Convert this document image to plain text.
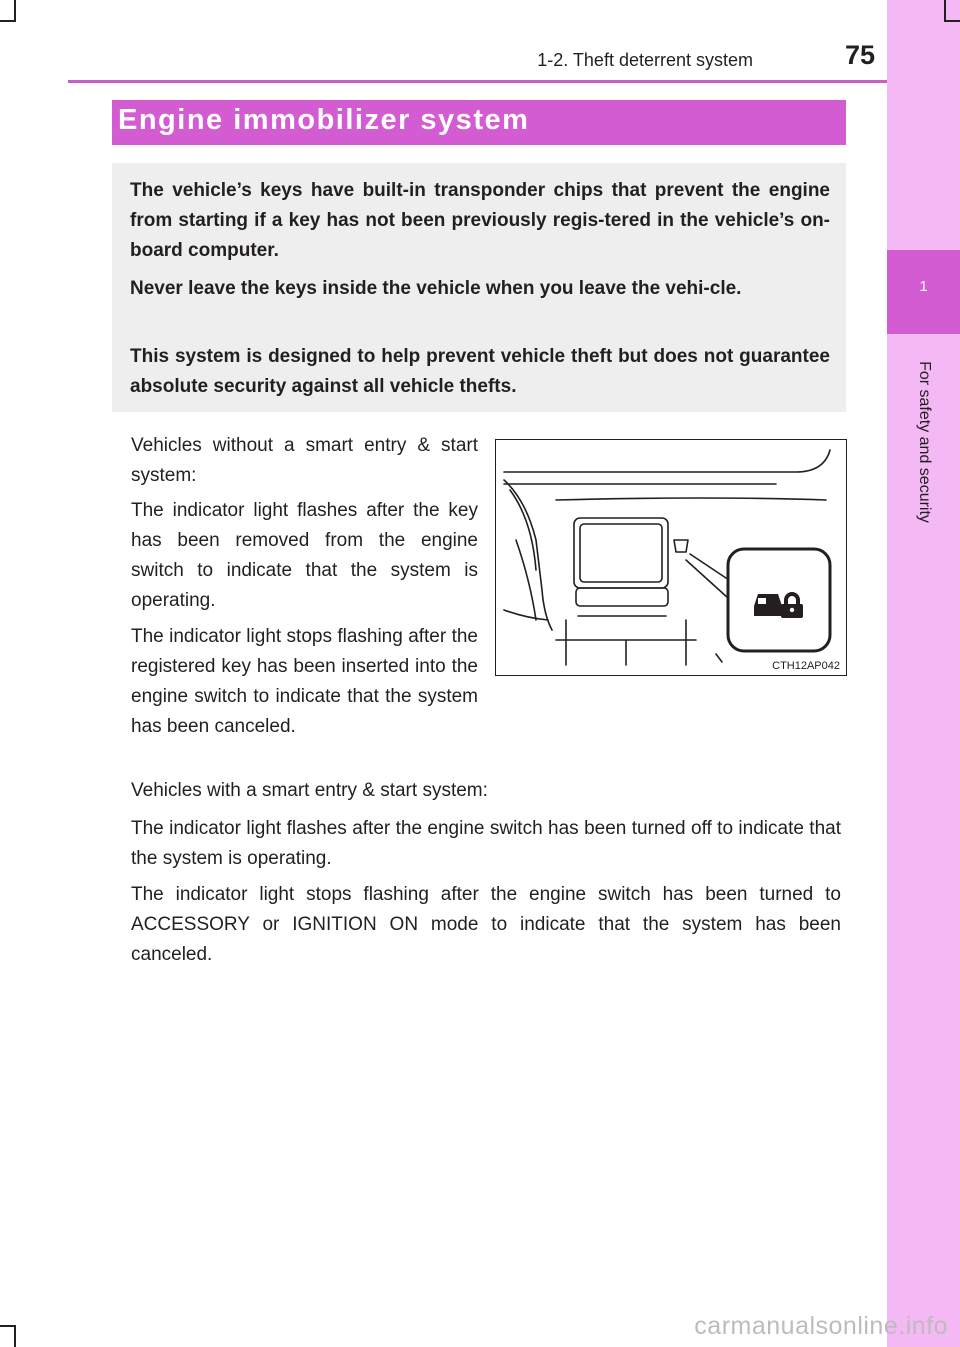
1
For safety and security
1-2. Theft deterrent system	75
Engine immobilizer system

The vehicle’s keys have built-in transponder chips that prevent the engine from starting if a key has not been previously regis-tered in the vehicle’s on-board computer.

Never leave the keys inside the vehicle when you leave the vehi-cle.

This system is designed to help prevent vehicle theft but does not guarantee absolute security against all vehicle thefts.

Vehicles without a smart entry & start system:

The indicator light flashes after the key has been removed from the engine switch to indicate that the system is operating.

The indicator light stops flashing after the registered key has been inserted into the engine switch to indicate that the system has been canceled.

CTH12AP042

Vehicles with a smart entry & start system:

The indicator light flashes after the engine switch has been turned off to indicate that the system is operating.

The indicator light stops flashing after the engine switch has been turned to ACCESSORY or IGNITION ON mode to indicate that the system has been canceled.

carmanualsonline.info
